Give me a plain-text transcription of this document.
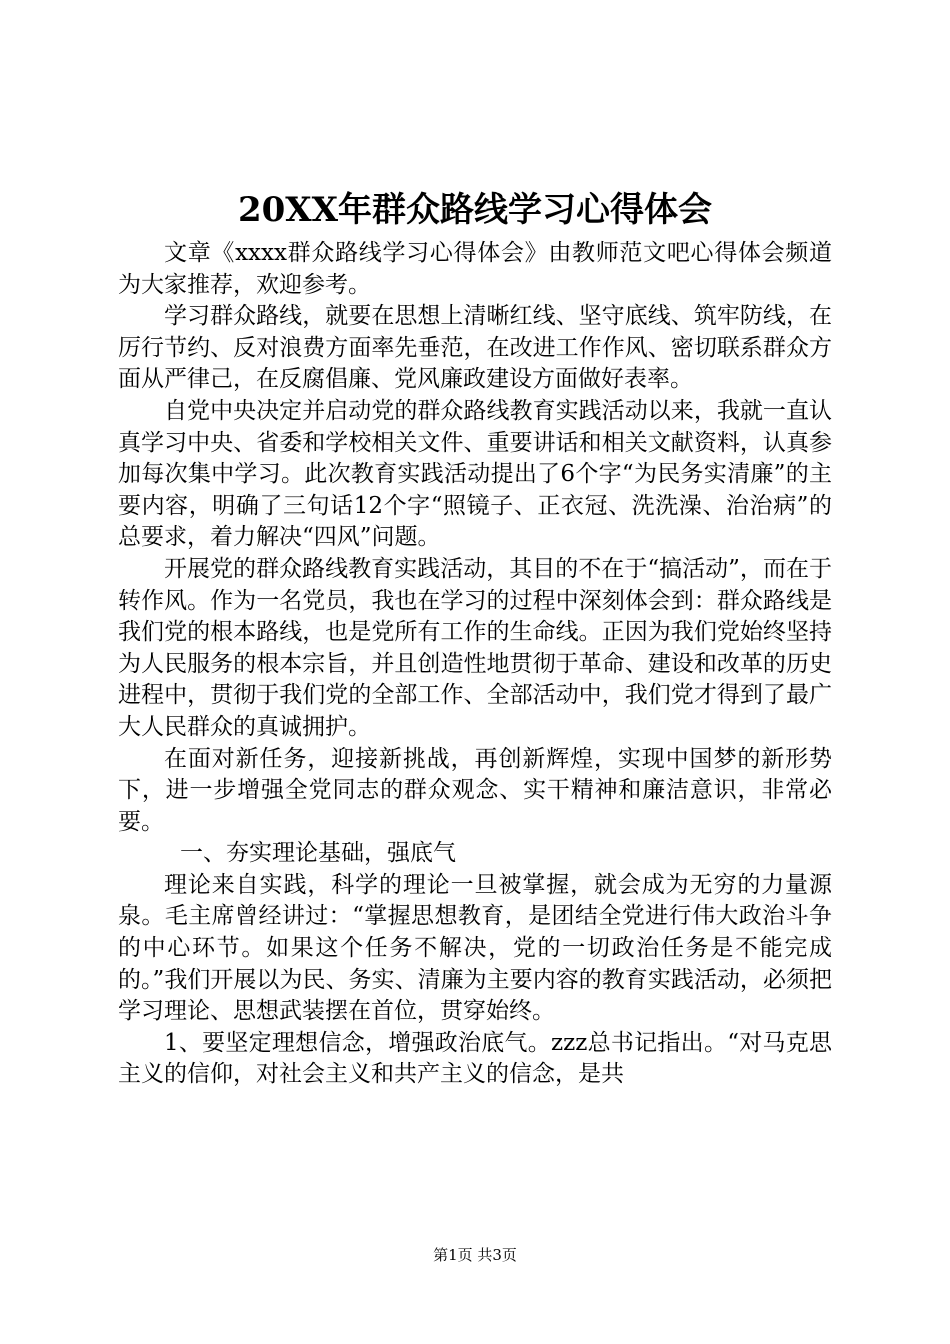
20XX年群众路线学习心得体会

文章《xxxx群众路线学习心得体会》由教师范文吧心得体会频道为大家推荐，欢迎参考。

学习群众路线，就要在思想上清晰红线、坚守底线、筑牢防线，在厉行节约、反对浪费方面率先垂范，在改进工作作风、密切联系群众方面从严律己，在反腐倡廉、党风廉政建设方面做好表率。

自党中央决定并启动党的群众路线教育实践活动以来，我就一直认真学习中央、省委和学校相关文件、重要讲话和相关文献资料，认真参加每次集中学习。此次教育实践活动提出了6个字“为民务实清廉”的主要内容，明确了三句话12个字“照镜子、正衣冠、洗洗澡、治治病”的总要求，着力解决“四风”问题。

开展党的群众路线教育实践活动，其目的不在于“搞活动”，而在于转作风。作为一名党员，我也在学习的过程中深刻体会到：群众路线是我们党的根本路线，也是党所有工作的生命线。正因为我们党始终坚持为人民服务的根本宗旨，并且创造性地贯彻于革命、建设和改革的历史进程中，贯彻于我们党的全部工作、全部活动中，我们党才得到了最广大人民群众的真诚拥护。

在面对新任务，迎接新挑战，再创新辉煌，实现中国梦的新形势下，进一步增强全党同志的群众观念、实干精神和廉洁意识，非常必要。

一、夯实理论基础，强底气

理论来自实践，科学的理论一旦被掌握，就会成为无穷的力量源泉。毛主席曾经讲过：“掌握思想教育，是团结全党进行伟大政治斗争的中心环节。如果这个任务不解决，党的一切政治任务是不能完成的。”我们开展以为民、务实、清廉为主要内容的教育实践活动，必须把学习理论、思想武装摆在首位，贯穿始终。

1、要坚定理想信念，增强政治底气。zzz总书记指出。“对马克思主义的信仰，对社会主义和共产主义的信念，是共

第1页 共3页
